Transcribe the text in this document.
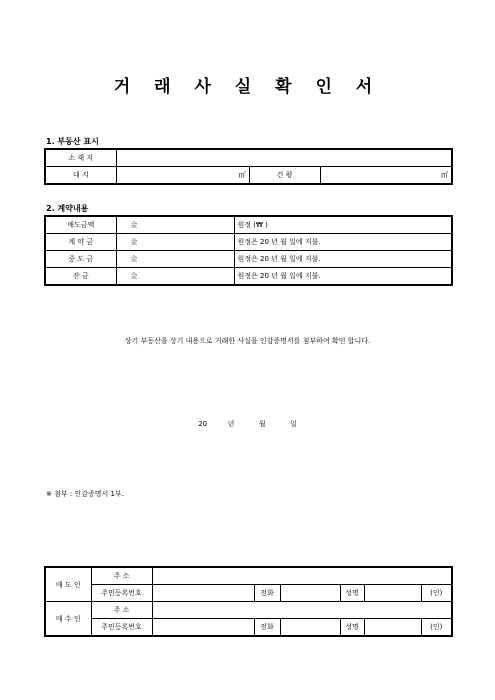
거 래 사 실 확 인 서
1. 부동산 표시
소 재 지			
대 지	㎡	건 평	㎡
2. 계약내용
매도금액	金	원정 (₩ )
계 약 금	金	원정은 20 년 월 일에 지불.
중 도 금	金	원정은 20 년 월 일에 지불.
잔 금	金	원정은 20 년 월 일에 지불.
상기 부동산을 상기 내용으로 거래한 사실을 인감증명서를 첨부하여 확인 합니다.
20	년	월	일
※ 첨부 : 인감증명서 1부.
매 도 인	주 소						
	주민등록번호		전화		성명		(인)
매 수 인	주 소						
	주민등록번호		전화		성명		(인)
